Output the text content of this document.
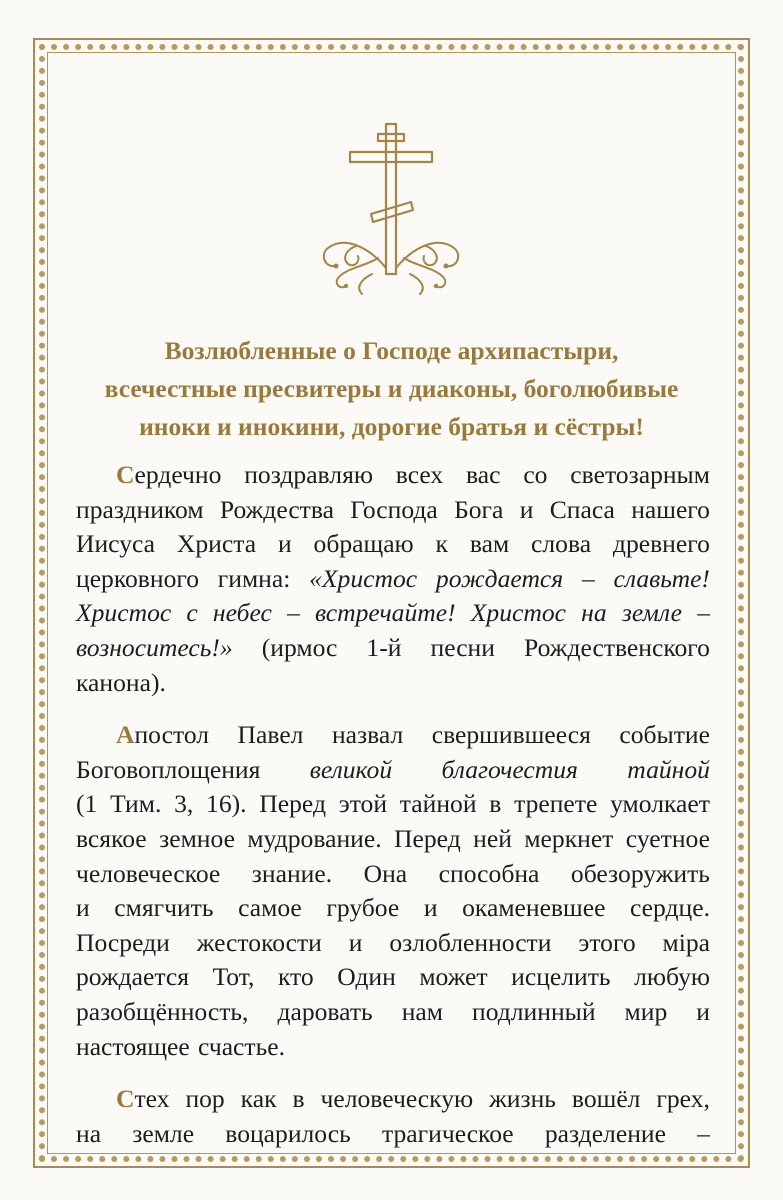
Возлюбленные о Господе архипастыри,
всечестные пресвитеры и диаконы, боголюбивые
иноки и инокини, дорогие братья и сёстры!
Сердечно поздравляю всех вас со светозарным
праздником Рождества Господа Бога и Спаса нашего
Иисуса Христа и обращаю к вам слова древнего
церковного гимна: «Христос рождается – славьте!
Христос с небес – встречайте! Христос на земле –
возноситесь!» (ирмос 1-й песни Рождественского
канона).
Апостол Павел назвал свершившееся событие
Боговоплощения великой благочестия тайной
(1 Тим. 3, 16). Перед этой тайной в трепете умолкает
всякое земное мудрование. Перед ней меркнет суетное
человеческое знание. Она способна обезоружить
и смягчить самое грубое и окаменевшее сердце.
Посреди жестокости и озлобленности этого міра
рождается Тот, кто Один может исцелить любую
разобщённость, даровать нам подлинный мир и
настоящее счастье.
Стех пор как в человеческую жизнь вошёл грех,
на земле воцарилось трагическое разделение –
